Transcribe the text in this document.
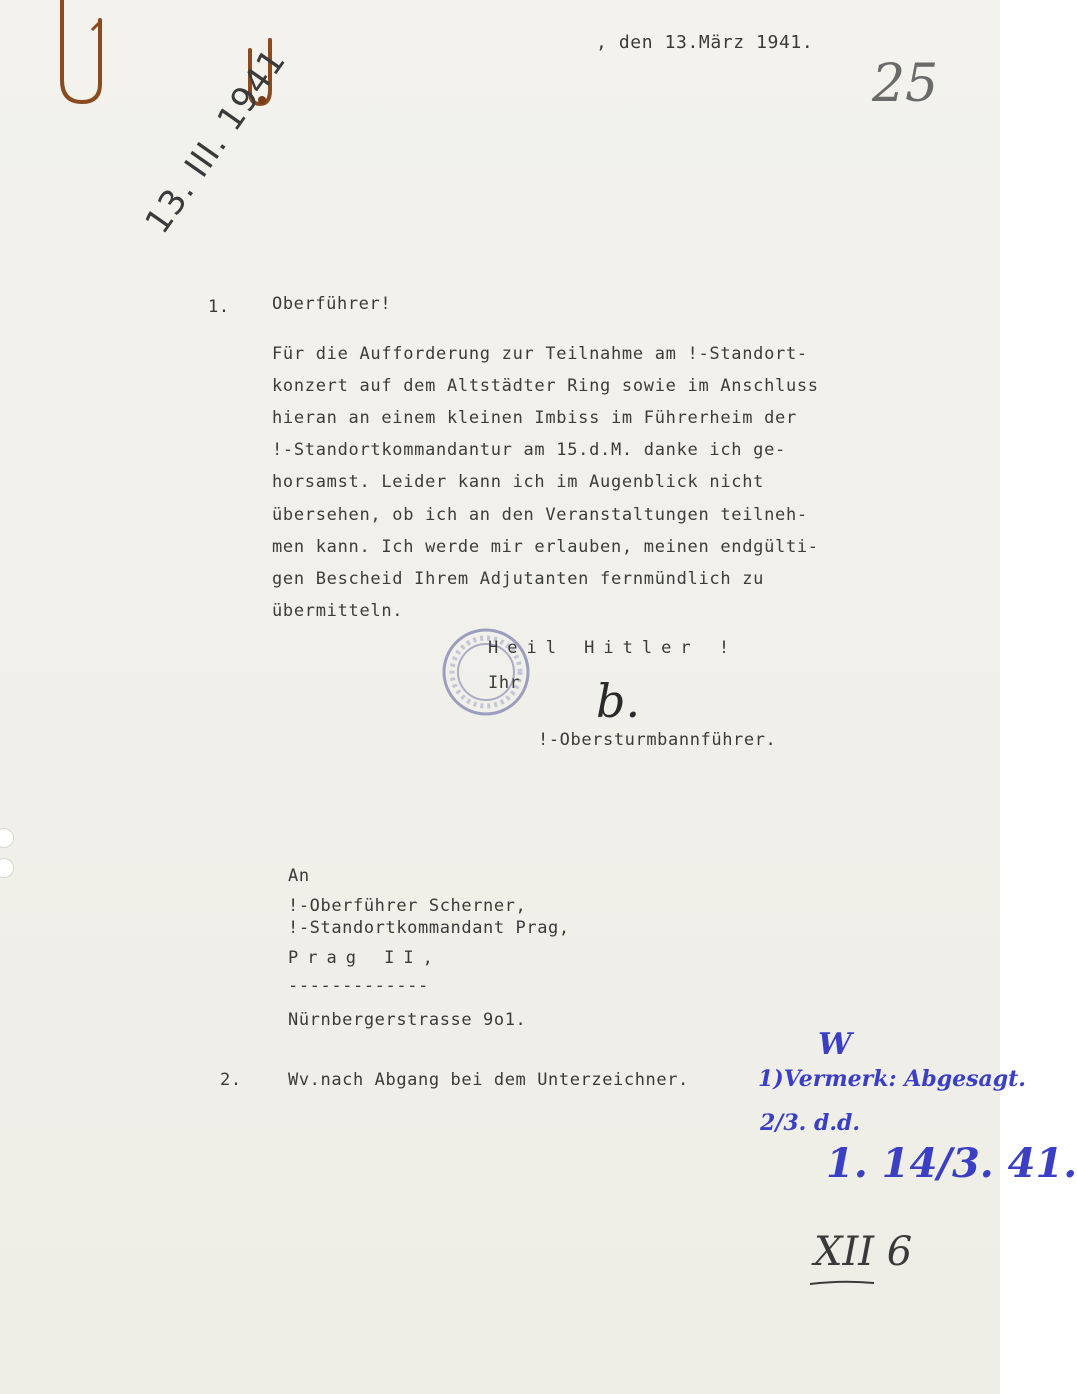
, den 13.März 1941.
25
13. III. 1941
1. Oberführer!
Für die Aufforderung zur Teilnahme am !-Standort-
konzert auf dem Altstädter Ring sowie im Anschluss
hieran an einem kleinen Imbiss im Führerheim der
!-Standortkommandantur am 15.d.M. danke ich ge-
horsamst. Leider kann ich im Augenblick nicht
übersehen, ob ich an den Veranstaltungen teilneh-
men kann. Ich werde mir erlauben, meinen endgülti-
gen Bescheid Ihrem Adjutanten fernmündlich zu
übermitteln.
Heil Hitler !
Ihr b.
!-Obersturmbannführer.
An
!-Oberführer Scherner,
!-Standortkommandant Prag,
Prag II,
-------------
Nürnbergerstrasse 9o1.
2.	Wv.nach Abgang bei dem Unterzeichner.
W
1)Vermerk: Abgesagt.
2/3. d.d.
1. 14/3. 41.
XII 6
